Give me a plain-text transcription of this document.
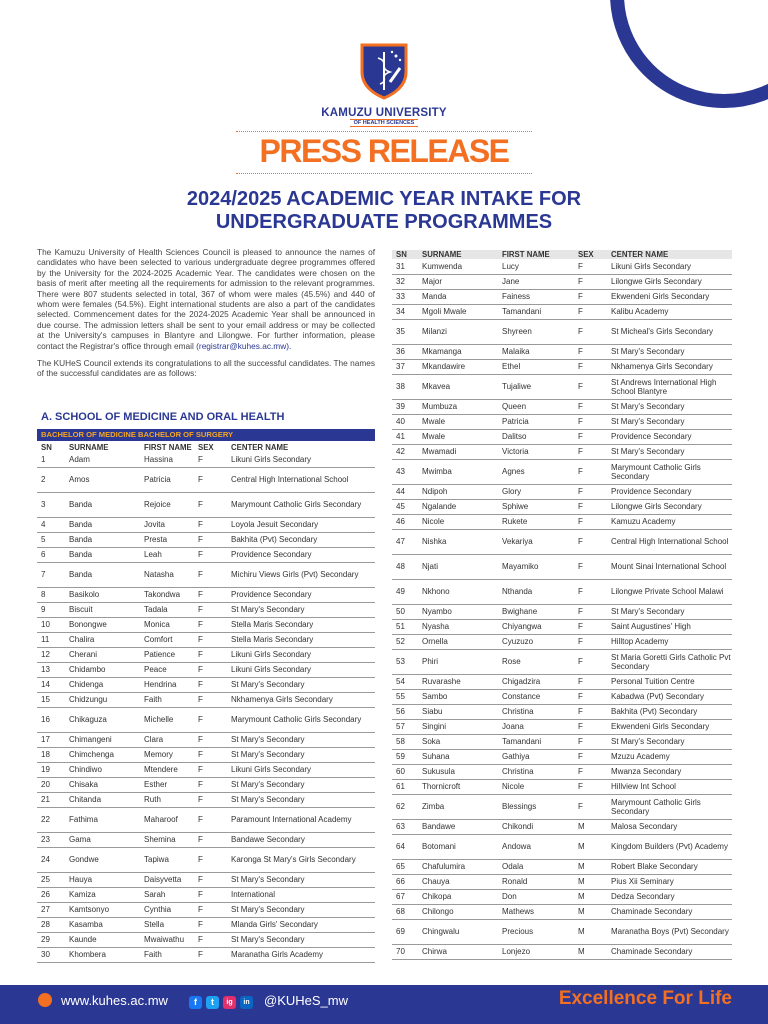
KAMUZU UNIVERSITY
OF HEALTH SCIENCES
PRESS RELEASE
2024/2025 ACADEMIC YEAR INTAKE FOR
UNDERGRADUATE PROGRAMMES

The Kamuzu University of Health Sciences Council is pleased to announce the names of candidates who have been selected to various undergraduate degree programmes offered by the University for the 2024-2025 Academic Year. The candidates were chosen on the basis of merit after meeting all the requirements for admission to the relevant programmes. There were 807 students selected in total, 367 of whom were males (45.5%) and 440 of whom were females (54.5%). Eight international students are also a part of the candidates selected. Commencement dates for the 2024-2025 Academic Year shall be announced in due course. The admission letters shall be sent to your email address or may be collected at the University's campuses in Blantyre and Lilongwe. For further information, please contact the Registrar's office through email (registrar@kuhes.ac.mw).

The KUHeS Council extends its congratulations to all the successful candidates. The names of the successful candidates are as follows:

A. SCHOOL OF MEDICINE AND ORAL HEALTH
BACHELOR OF MEDICINE BACHELOR OF SURGERY
SN	SURNAME	FIRST NAME	SEX	CENTER NAME
1	Adam	Hassina	F	Likuni Girls Secondary
2	Amos	Patricia	F	Central High International School
3	Banda	Rejoice	F	Marymount Catholic Girls Secondary
4	Banda	Jovita	F	Loyola Jesuit Secondary
5	Banda	Presta	F	Bakhita (Pvt) Secondary
6	Banda	Leah	F	Providence Secondary
7	Banda	Natasha	F	Michiru Views Girls (Pvt) Secondary
8	Basikolo	Takondwa	F	Providence Secondary
9	Biscuit	Tadala	F	St Mary's Secondary
10	Bonongwe	Monica	F	Stella Maris Secondary
11	Chalira	Comfort	F	Stella Maris Secondary
12	Cherani	Patience	F	Likuni Girls Secondary
13	Chidambo	Peace	F	Likuni Girls Secondary
14	Chidenga	Hendrina	F	St Mary's Secondary
15	Chidzungu	Faith	F	Nkhamenya Girls Secondary
16	Chikaguza	Michelle	F	Marymount Catholic Girls Secondary
17	Chimangeni	Clara	F	St Mary's Secondary
18	Chimchenga	Memory	F	St Mary's Secondary
19	Chindiwo	Mtendere	F	Likuni Girls Secondary
20	Chisaka	Esther	F	St Mary's Secondary
21	Chitanda	Ruth	F	St Mary's Secondary
22	Fathima	Maharoof	F	Paramount International Academy
23	Gama	Shemina	F	Bandawe Secondary
24	Gondwe	Tapiwa	F	Karonga St Mary's Girls Secondary
25	Hauya	Daisyvetta	F	St Mary's Secondary
26	Kamiza	Sarah	F	International
27	Kamtsonyo	Cynthia	F	St Mary's Secondary
28	Kasamba	Stella	F	Mlanda Girls' Secondary
29	Kaunde	Mwaiwathu	F	St Mary's Secondary
30	Khombera	Faith	F	Maranatha Girls Academy
SN	SURNAME	FIRST NAME	SEX	CENTER NAME
31	Kumwenda	Lucy	F	Likuni Girls Secondary
32	Major	Jane	F	Lilongwe Girls Secondary
33	Manda	Fainess	F	Ekwendeni Girls Secondary
34	Mgoli Mwale	Tamandani	F	Kalibu Academy
35	Milanzi	Shyreen	F	St Micheal's Girls Secondary
36	Mkamanga	Malaika	F	St Mary's Secondary
37	Mkandawire	Ethel	F	Nkhamenya Girls Secondary
38	Mkavea	Tujaliwe	F	St Andrews International High School Blantyre
39	Mumbuza	Queen	F	St Mary's Secondary
40	Mwale	Patricia	F	St Mary's Secondary
41	Mwale	Dalitso	F	Providence Secondary
42	Mwamadi	Victoria	F	St Mary's Secondary
43	Mwimba	Agnes	F	Marymount Catholic Girls Secondary
44	Ndipoh	Glory	F	Providence Secondary
45	Ngalande	Sphiwe	F	Lilongwe Girls Secondary
46	Nicole	Rukete	F	Kamuzu Academy
47	Nishka	Vekariya	F	Central High International School
48	Njati	Mayamiko	F	Mount Sinai International School
49	Nkhono	Nthanda	F	Lilongwe Private School Malawi
50	Nyambo	Bwighane	F	St Mary's Secondary
51	Nyasha	Chiyangwa	F	Saint Augustines' High
52	Ornella	Cyuzuzo	F	Hilltop Academy
53	Phiri	Rose	F	St Maria Goretti Girls Catholic Pvt Secondary
54	Ruvarashe	Chigadzira	F	Personal Tuition Centre
55	Sambo	Constance	F	Kabadwa (Pvt) Secondary
56	Siabu	Christina	F	Bakhita (Pvt) Secondary
57	Singini	Joana	F	Ekwendeni Girls Secondary
58	Soka	Tamandani	F	St Mary's Secondary
59	Suhana	Gathiya	F	Mzuzu Academy
60	Sukusula	Christina	F	Mwanza Secondary
61	Thornicroft	Nicole	F	Hillview Int School
62	Zimba	Blessings	F	Marymount Catholic Girls Secondary
63	Bandawe	Chikondi	M	Malosa Secondary
64	Botomani	Andowa	M	Kingdom Builders (Pvt) Academy
65	Chafulumira	Odala	M	Robert Blake Secondary
66	Chauya	Ronald	M	Pius Xii Seminary
67	Chikopa	Don	M	Dedza Secondary
68	Chilongo	Mathews	M	Chaminade Secondary
69	Chingwalu	Precious	M	Maranatha Boys (Pvt) Secondary
70	Chirwa	Lonjezo	M	Chaminade Secondary
www.kuhes.ac.mw	f	t	ig	in @KUHeS_mw	Excellence For Life
